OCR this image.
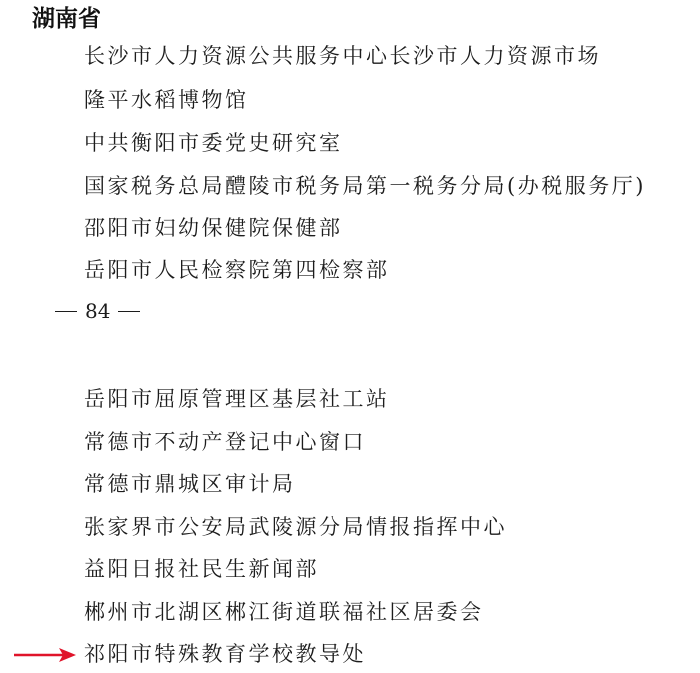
湖南省
长沙市人力资源公共服务中心长沙市人力资源市场
隆平水稻博物馆
中共衡阳市委党史研究室
国家税务总局醴陵市税务局第一税务分局(办税服务厅)
邵阳市妇幼保健院保健部
岳阳市人民检察院第四检察部
84
岳阳市屈原管理区基层社工站
常德市不动产登记中心窗口
常德市鼎城区审计局
张家界市公安局武陵源分局情报指挥中心
益阳日报社民生新闻部
郴州市北湖区郴江街道联福社区居委会
祁阳市特殊教育学校教导处
